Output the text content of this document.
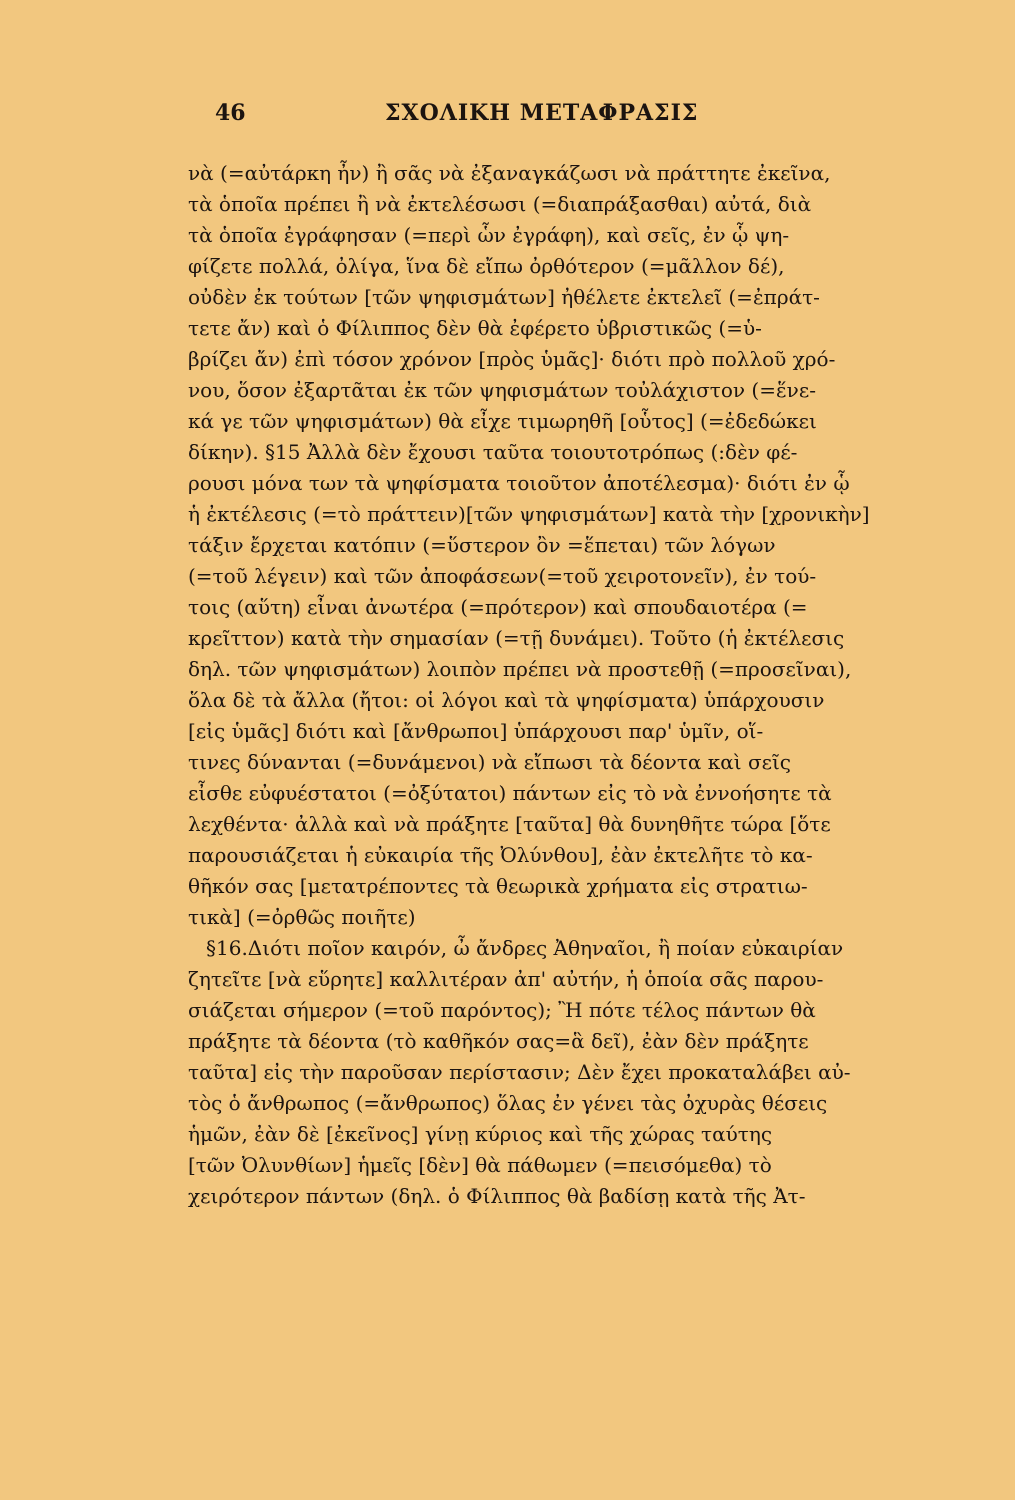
46	ΣΧΟΛΙΚΗ ΜΕΤΑΦΡΑΣΙΣ
νὰ (=αὐτάρκη ἦν) ἢ σᾶς νὰ ἐξαναγκάζωσι νὰ πράττητε ἐκεῖνα,
τὰ ὁποῖα πρέπει ἢ νὰ ἐκτελέσωσι (=διαπράξασθαι) αὐτά, διὰ
τὰ ὁποῖα ἐγράφησαν (=περὶ ὧν ἐγράφη), καὶ σεῖς, ἐν ᾧ ψη-
φίζετε πολλά, ὀλίγα, ἵνα δὲ εἴπω ὀρθότερον (=μᾶλλον δέ),
οὐδὲν ἐκ τούτων [τῶν ψηφισμάτων] ἠθέλετε ἐκτελεῖ (=ἐπράτ-
τετε ἄν) καὶ ὁ Φίλιππος δὲν θὰ ἐφέρετο ὑβριστικῶς (=ὑ-
βρίζει ἄν) ἐπὶ τόσον χρόνον [πρὸς ὑμᾶς]· διότι πρὸ πολλοῦ χρό-
νου, ὅσον ἐξαρτᾶται ἐκ τῶν ψηφισμάτων τοὐλάχιστον (=ἕνε-
κά γε τῶν ψηφισμάτων) θὰ εἶχε τιμωρηθῆ [οὗτος] (=ἐδεδώκει
δίκην). §15 Ἀλλὰ δὲν ἔχουσι ταῦτα τοιουτοτρόπως (:δὲν φέ-
ρουσι μόνα των τὰ ψηφίσματα τοιοῦτον ἀποτέλεσμα)· διότι ἐν ᾧ
ἡ ἐκτέλεσις (=τὸ πράττειν)[τῶν ψηφισμάτων] κατὰ τὴν [χρονικὴν]
τάξιν ἔρχεται κατόπιν (=ὕστερον ὂν =ἕπεται) τῶν λόγων
(=τοῦ λέγειν) καὶ τῶν ἀποφάσεων(=τοῦ χειροτονεῖν), ἐν τού-
τοις (αὕτη) εἶναι ἀνωτέρα (=πρότερον) καὶ σπουδαιοτέρα (=
κρεῖττον) κατὰ τὴν σημασίαν (=τῇ δυνάμει). Τοῦτο (ἡ ἐκτέλεσις
δηλ. τῶν ψηφισμάτων) λοιπὸν πρέπει νὰ προστεθῇ (=προσεῖναι),
ὅλα δὲ τὰ ἄλλα (ἤτοι: οἱ λόγοι καὶ τὰ ψηφίσματα) ὑπάρχουσιν
[εἰς ὑμᾶς] διότι καὶ [ἄνθρωποι] ὑπάρχουσι παρ' ὑμῖν, οἵ-
τινες δύνανται (=δυνάμενοι) νὰ εἴπωσι τὰ δέοντα καὶ σεῖς
εἶσθε εὐφυέστατοι (=ὀξύτατοι) πάντων εἰς τὸ νὰ ἐννοήσητε τὰ
λεχθέντα· ἀλλὰ καὶ νὰ πράξητε [ταῦτα] θὰ δυνηθῆτε τώρα [ὅτε
παρουσιάζεται ἡ εὐκαιρία τῆς Ὀλύνθου], ἐὰν ἐκτελῆτε τὸ κα-
θῆκόν σας [μετατρέποντες τὰ θεωρικὰ χρήματα εἰς στρατιω-
τικὰ] (=ὀρθῶς ποιῆτε)
§16.Διότι ποῖον καιρόν, ὦ ἄνδρες Ἀθηναῖοι, ἢ ποίαν εὐκαιρίαν
ζητεῖτε [νὰ εὕρητε] καλλιτέραν ἀπ' αὐτήν, ἡ ὁποία σᾶς παρου-
σιάζεται σήμερον (=τοῦ παρόντος); Ἢ πότε τέλος πάντων θὰ
πράξητε τὰ δέοντα (τὸ καθῆκόν σας=ἃ δεῖ), ἐὰν δὲν πράξητε
ταῦτα] εἰς τὴν παροῦσαν περίστασιν; Δὲν ἔχει προκαταλάβει αὐ-
τὸς ὁ ἄνθρωπος (=ἄνθρωπος) ὅλας ἐν γένει τὰς ὀχυρὰς θέσεις
ἡμῶν, ἐὰν δὲ [ἐκεῖνος] γίνῃ κύριος καὶ τῆς χώρας ταύτης
[τῶν Ὀλυνθίων] ἡμεῖς [δὲν] θὰ πάθωμεν (=πεισόμεθα) τὸ
χειρότερον πάντων (δηλ. ὁ Φίλιππος θὰ βαδίσῃ κατὰ τῆς Ἀτ-
